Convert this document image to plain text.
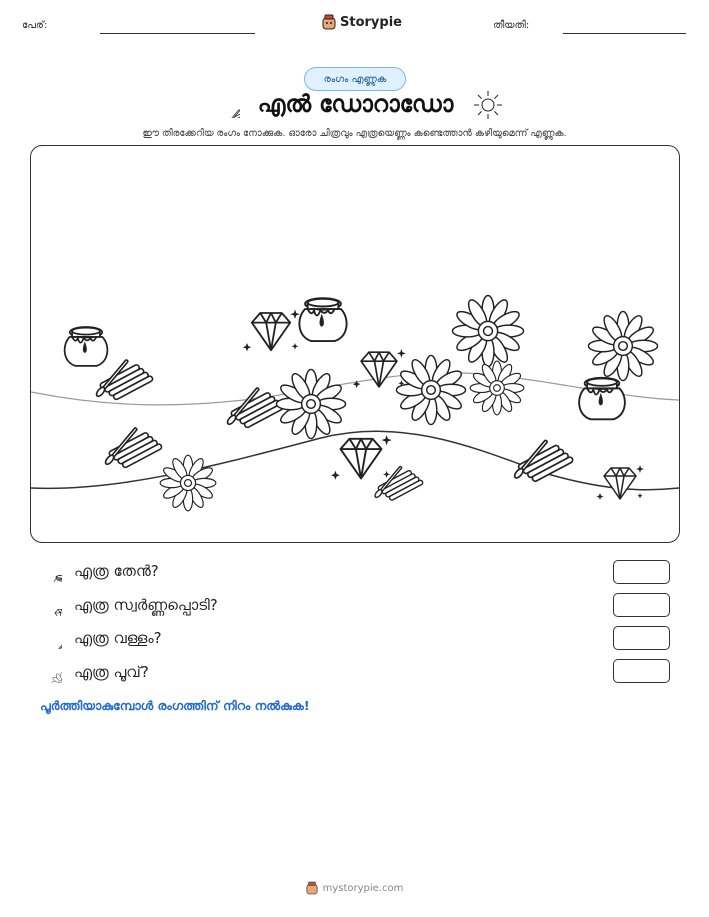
പേര്:	Storypie	തീയതി:
രംഗം എണ്ണുക
എൽ ഡോറാഡോ
ഈ തിരക്കേറിയ രംഗം നോക്കുക. ഓരോ ചിത്രവും എത്രയെണ്ണം കണ്ടെത്താൻ കഴിയുമെന്ന് എണ്ണുക.
എത്ര തേൻ?
എത്ര സ്വർണ്ണപ്പൊടി?
എത്ര വള്ളം?
എത്ര പൂവ്?
പൂർത്തിയാകുമ്പോൾ രംഗത്തിന് നിറം നൽകുക!
mystorypie.com
